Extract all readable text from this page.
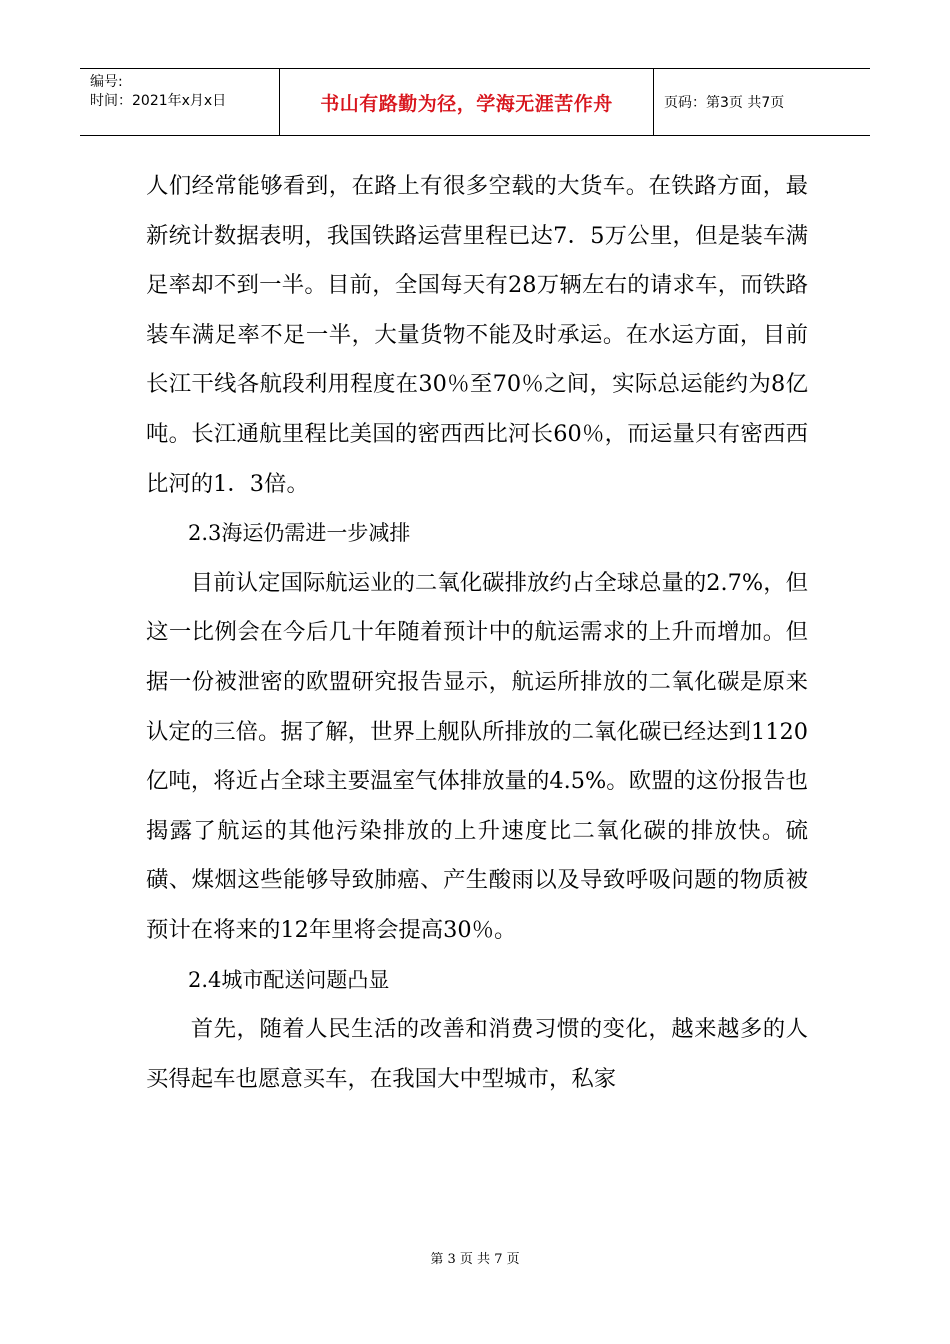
编号:
时间：2021年x月x日	书山有路勤为径，学海无涯苦作舟	页码：第3页 共7页

人们经常能够看到，在路上有很多空载的大货车。在铁路方面，最新统计数据表明，我国铁路运营里程已达7．5万公里，但是装车满足率却不到一半。目前，全国每天有28万辆左右的请求车，而铁路装车满足率不足一半，大量货物不能及时承运。在水运方面，目前长江干线各航段利用程度在30％至70％之间，实际总运能约为8亿吨。长江通航里程比美国的密西西比河长60％，而运量只有密西西比河的1．3倍。

2.3海运仍需进一步减排

目前认定国际航运业的二氧化碳排放约占全球总量的2.7%，但这一比例会在今后几十年随着预计中的航运需求的上升而增加。但据一份被泄密的欧盟研究报告显示，航运所排放的二氧化碳是原来认定的三倍。据了解，世界上舰队所排放的二氧化碳已经达到1120亿吨，将近占全球主要温室气体排放量的4.5%。欧盟的这份报告也揭露了航运的其他污染排放的上升速度比二氧化碳的排放快。硫磺、煤烟这些能够导致肺癌、产生酸雨以及导致呼吸问题的物质被预计在将来的12年里将会提高30％。

2.4城市配送问题凸显

首先，随着人民生活的改善和消费习惯的变化，越来越多的人买得起车也愿意买车，在我国大中型城市，私家

第 3 页 共 7 页
